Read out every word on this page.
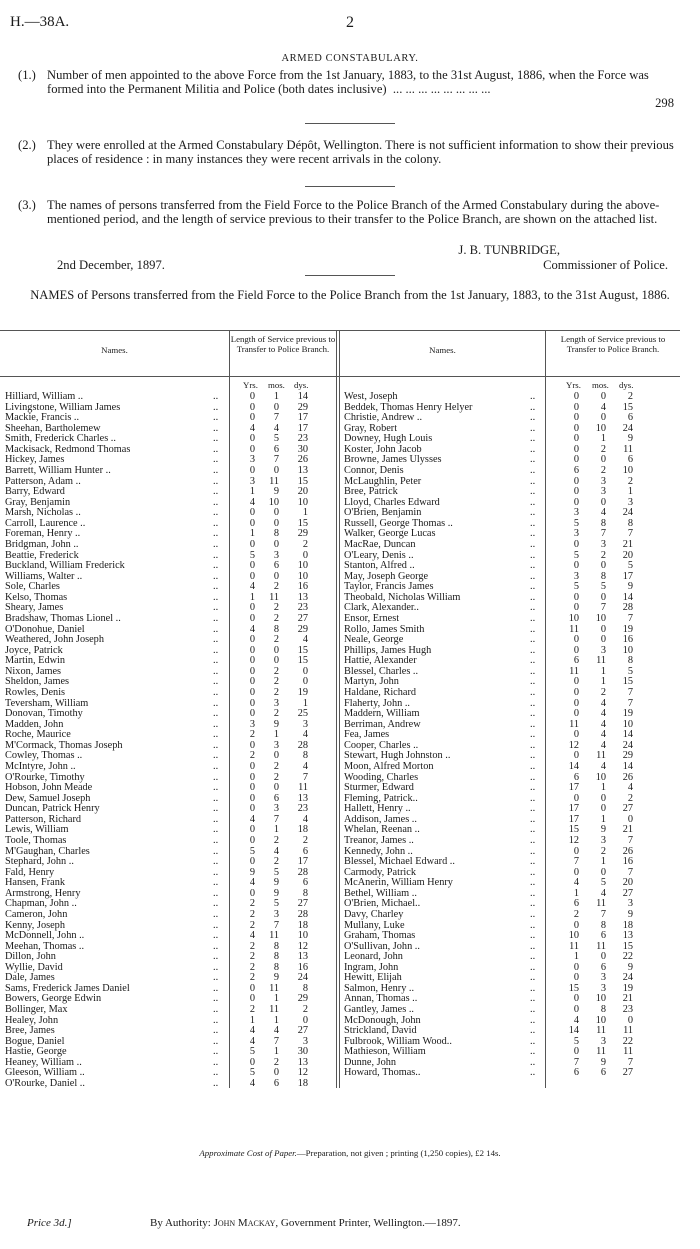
H.—38A.	2
ARMED CONSTABULARY.
(1.) Number of men appointed to the above Force from the 1st January, 1883, to the 31st August, 1886, when the Force was formed into the Permanent Militia and Police (both dates inclusive) ... ... ... ... ... ... ... ...
298
(2.) They were enrolled at the Armed Constabulary Dépôt, Wellington. There is not sufficient information to show their previous places of residence : in many instances they were recent arrivals in the colony.
(3.) The names of persons transferred from the Field Force to the Police Branch of the Armed Constabulary during the above-mentioned period, and the length of service previous to their transfer to the Police Branch, are shown on the attached list.
J. B. TUNBRIDGE,
2nd December, 1897.	Commissioner of Police.
NAMES of Persons transferred from the Field Force to the Police Branch from the 1st January, 1883, to the 31st August, 1886.
Names.
Length of Service previous to Transfer to Police Branch.	Names.
Length of Service previous to Transfer to Police Branch.
Yrs. mos. dys.	Yrs. mos. dys.
Hilliard, William ..	..	0	1	14
Livingstone, William James	..	0	0	29
Mackie, Francis ..	..	0	7	17
Sheehan, Bartholemew	..	4	4	17
Smith, Frederick Charles ..	..	0	5	23
Mackisack, Redmond Thomas	..	0	6	30
Hickey, James	..	3	7	26
Barrett, William Hunter ..	..	0	0	13
Patterson, Adam ..	..	3	11	15
Barry, Edward	..	1	9	20
Gray, Benjamin	..	4	10	10
Marsh, Nicholas ..	..	0	0	1
Carroll, Laurence ..	..	0	0	15
Foreman, Henry ..	..	1	8	29
Bridgman, John ..	..	0	0	2
Beattie, Frederick	..	5	3	0
Buckland, William Frederick	..	0	6	10
Williams, Walter ..	..	0	0	10
Sole, Charles	..	4	2	16
Kelso, Thomas	..	1	11	13
Sheary, James	..	0	2	23
Bradshaw, Thomas Lionel ..	..	0	2	27
O'Donohue, Daniel	..	4	8	29
Weathered, John Joseph	..	0	2	4
Joyce, Patrick	..	0	0	15
Martin, Edwin	..	0	0	15
Nixon, James	..	0	2	0
Sheldon, James	..	0	2	0
Rowles, Denis	..	0	2	19
Teversham, William	..	0	3	1
Donovan, Timothy	..	0	2	25
Madden, John	..	3	9	3
Roche, Maurice	..	2	1	4
M'Cormack, Thomas Joseph	..	0	3	28
Cowley, Thomas ..	..	2	0	8
McIntyre, John ..	..	0	2	4
O'Rourke, Timothy	..	0	2	7
Hobson, John Meade	..	0	0	11
Dew, Samuel Joseph	..	0	6	13
Duncan, Patrick Henry	..	0	3	23
Patterson, Richard	..	4	7	4
Lewis, William	..	0	1	18
Toole, Thomas	..	0	2	2
M'Gaughan, Charles	..	5	4	6
Stephard, John ..	..	0	2	17
Fald, Henry	..	9	5	28
Hansen, Frank	..	4	9	6
Armstrong, Henry	..	0	9	8
Chapman, John ..	..	2	5	27
Cameron, John	..	2	3	28
Kenny, Joseph	..	2	7	18
McDonnell, John ..	..	4	11	10
Meehan, Thomas ..	..	2	8	12
Dillon, John	..	2	8	13
Wyllie, David	..	2	8	16
Dale, James	..	2	9	24
Sams, Frederick James Daniel	..	0	11	8
Bowers, George Edwin	..	0	1	29
Bollinger, Max	..	2	11	2
Healey, John	..	1	1	0
Bree, James	..	4	4	27
Bogue, Daniel	..	4	7	3
Hastie, George	..	5	1	30
Heaney, William ..	..	0	2	13
Gleeson, William ..	..	5	0	12
O'Rourke, Daniel ..	..	4	6	18
West, Joseph	..	0	0	2
Beddek, Thomas Henry Helyer	..	0	4	15
Christie, Andrew ..	..	0	0	6
Gray, Robert	..	0	10	24
Downey, Hugh Louis	..	0	1	9
Koster, John Jacob	..	0	2	11
Browne, James Ulysses	..	0	0	6
Connor, Denis	..	6	2	10
McLaughlin, Peter	..	0	3	2
Bree, Patrick	..	0	3	1
Lloyd, Charles Edward	..	0	0	3
O'Brien, Benjamin	..	3	4	24
Russell, George Thomas ..	..	5	8	8
Walker, George Lucas	..	3	7	7
MacRae, Duncan	..	0	3	21
O'Leary, Denis ..	..	5	2	20
Stanton, Alfred ..	..	0	0	5
May, Joseph George	..	3	8	17
Taylor, Francis James	..	5	5	9
Theobald, Nicholas William	..	0	0	14
Clark, Alexander..	..	0	7	28
Ensor, Ernest	..	10	10	7
Rollo, James Smith	..	11	0	19
Neale, George	..	0	0	16
Phillips, James Hugh	..	0	3	10
Hattie, Alexander	..	6	11	8
Blessel, Charles ..	..	11	1	5
Martyn, John	..	0	1	15
Haldane, Richard	..	0	2	7
Flaherty, John ..	..	0	4	7
Maddern, William	..	0	4	19
Berriman, Andrew	..	11	4	10
Fea, James	..	0	4	14
Cooper, Charles ..	..	12	4	24
Stewart, Hugh Johnston ..	..	0	11	29
Moon, Alfred Morton	..	14	4	14
Wooding, Charles	..	6	10	26
Sturmer, Edward	..	17	1	4
Fleming, Patrick..	..	0	0	2
Hallett, Henry ..	..	17	0	27
Addison, James ..	..	17	1	0
Whelan, Reenan ..	..	15	9	21
Treanor, James ..	..	12	3	7
Kennedy, John ..	..	0	2	26
Blessel, Michael Edward ..	..	7	1	16
Carmody, Patrick	..	0	0	7
McAnerin, William Henry	..	4	5	20
Bethel, William ..	..	1	4	27
O'Brien, Michael..	..	6	11	3
Davy, Charley	..	2	7	9
Mullany, Luke	..	0	8	18
Graham, Thomas	..	10	6	13
O'Sullivan, John ..	..	11	11	15
Leonard, John	..	1	0	22
Ingram, John	..	0	6	9
Hewitt, Elijah	..	0	3	24
Salmon, Henry ..	..	15	3	19
Annan, Thomas ..	..	0	10	21
Gantley, James ..	..	0	8	23
McDonough, John	..	4	10	0
Strickland, David	..	14	11	11
Fulbrook, William Wood..	..	5	3	22
Mathieson, William	..	0	11	11
Dunne, John	..	7	9	7
Howard, Thomas..	..	6	6	27
Approximate Cost of Paper.—Preparation, not given ; printing (1,250 copies), £2 14s.
Price 3d.]	By Authority: John Mackay, Government Printer, Wellington.—1897.
